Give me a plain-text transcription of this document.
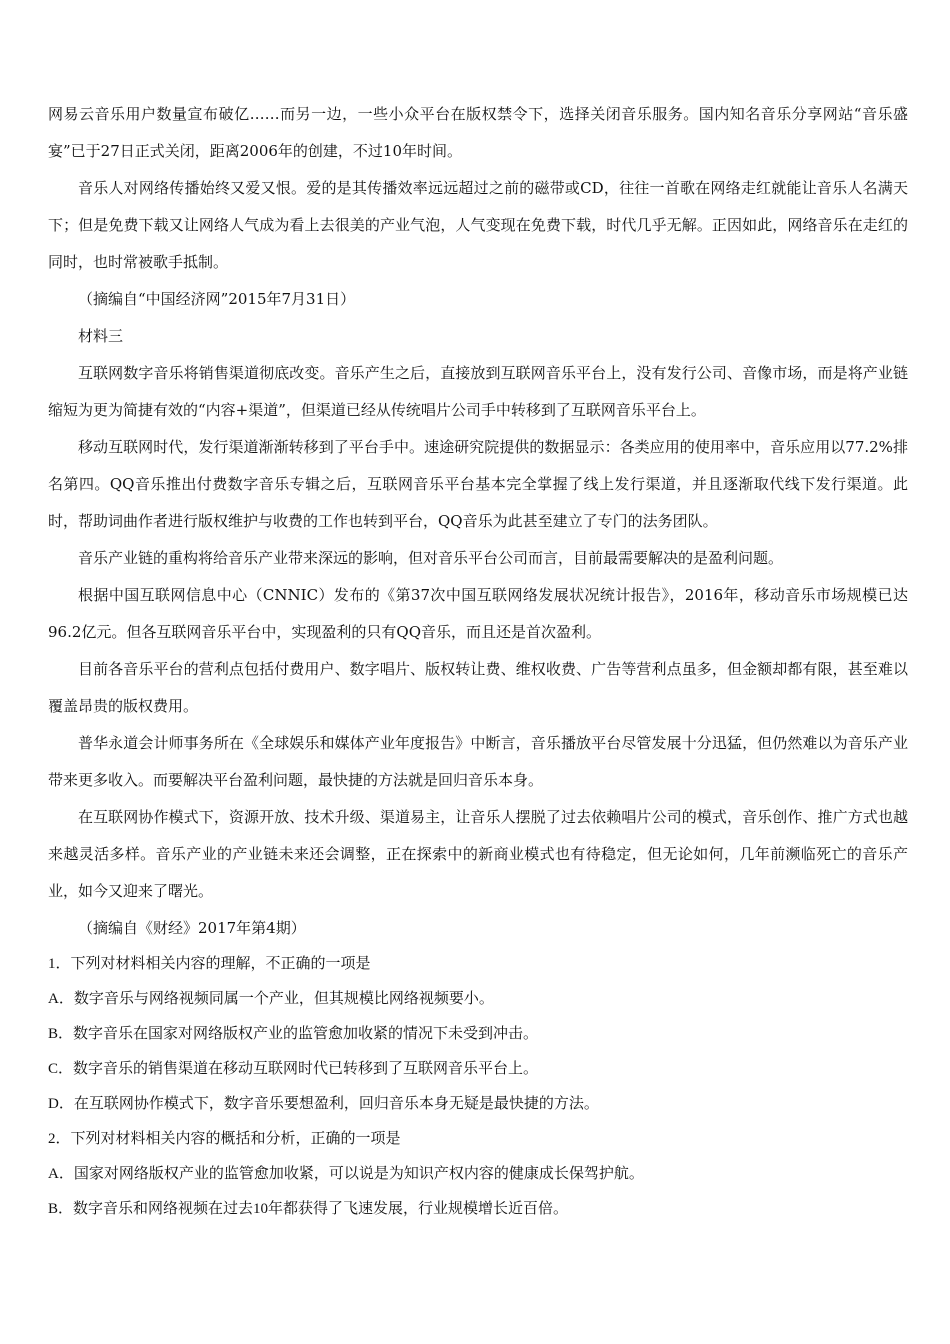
网易云音乐用户数量宣布破亿……而另一边，一些小众平台在版权禁令下，选择关闭音乐服务。国内知名音乐分享网站“音乐盛宴”已于27日正式关闭，距离2006年的创建，不过10年时间。

音乐人对网络传播始终又爱又恨。爱的是其传播效率远远超过之前的磁带或CD，往往一首歌在网络走红就能让音乐人名满天下；但是免费下载又让网络人气成为看上去很美的产业气泡，人气变现在免费下载，时代几乎无解。正因如此，网络音乐在走红的同时，也时常被歌手抵制。

（摘编自“中国经济网”2015年7月31日）

材料三

互联网数字音乐将销售渠道彻底改变。音乐产生之后，直接放到互联网音乐平台上，没有发行公司、音像市场，而是将产业链缩短为更为简捷有效的“内容+渠道”，但渠道已经从传统唱片公司手中转移到了互联网音乐平台上。

移动互联网时代，发行渠道渐渐转移到了平台手中。速途研究院提供的数据显示：各类应用的使用率中，音乐应用以77.2%排名第四。QQ音乐推出付费数字音乐专辑之后，互联网音乐平台基本完全掌握了线上发行渠道，并且逐渐取代线下发行渠道。此时，帮助词曲作者进行版权维护与收费的工作也转到平台，QQ音乐为此甚至建立了专门的法务团队。

音乐产业链的重构将给音乐产业带来深远的影响，但对音乐平台公司而言，目前最需要解决的是盈利问题。

根据中国互联网信息中心（CNNIC）发布的《第37次中国互联网络发展状况统计报告》，2016年，移动音乐市场规模已达96.2亿元。但各互联网音乐平台中，实现盈利的只有QQ音乐，而且还是首次盈利。

目前各音乐平台的营利点包括付费用户、数字唱片、版权转让费、维权收费、广告等营利点虽多，但金额却都有限，甚至难以覆盖昂贵的版权费用。

普华永道会计师事务所在《全球娱乐和媒体产业年度报告》中断言，音乐播放平台尽管发展十分迅猛，但仍然难以为音乐产业带来更多收入。而要解决平台盈利问题，最快捷的方法就是回归音乐本身。

在互联网协作模式下，资源开放、技术升级、渠道易主，让音乐人摆脱了过去依赖唱片公司的模式，音乐创作、推广方式也越来越灵活多样。音乐产业的产业链未来还会调整，正在探索中的新商业模式也有待稳定，但无论如何，几年前濒临死亡的音乐产业，如今又迎来了曙光。

（摘编自《财经》2017年第4期）

1．下列对材料相关内容的理解，不正确的一项是

A．数字音乐与网络视频同属一个产业，但其规模比网络视频要小。

B．数字音乐在国家对网络版权产业的监管愈加收紧的情况下未受到冲击。

C．数字音乐的销售渠道在移动互联网时代已转移到了互联网音乐平台上。

D．在互联网协作模式下，数字音乐要想盈利，回归音乐本身无疑是最快捷的方法。

2．下列对材料相关内容的概括和分析，正确的一项是

A．国家对网络版权产业的监管愈加收紧，可以说是为知识产权内容的健康成长保驾护航。

B．数字音乐和网络视频在过去10年都获得了飞速发展，行业规模增长近百倍。
